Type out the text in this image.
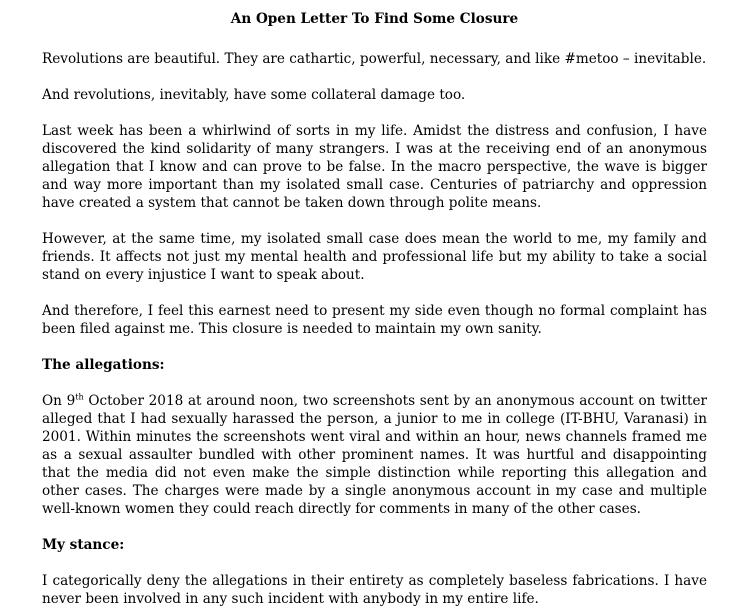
An Open Letter To Find Some Closure

Revolutions are beautiful. They are cathartic, powerful, necessary, and like #metoo – inevitable.

And revolutions, inevitably, have some collateral damage too.

Last week has been a whirlwind of sorts in my life. Amidst the distress and confusion, I have discovered the kind solidarity of many strangers. I was at the receiving end of an anonymous allegation that I know and can prove to be false. In the macro perspective, the wave is bigger and way more important than my isolated small case. Centuries of patriarchy and oppression have created a system that cannot be taken down through polite means.

However, at the same time, my isolated small case does mean the world to me, my family and friends. It affects not just my mental health and professional life but my ability to take a social stand on every injustice I want to speak about.

And therefore, I feel this earnest need to present my side even though no formal complaint has been filed against me. This closure is needed to maintain my own sanity.

The allegations:

On 9th October 2018 at around noon, two screenshots sent by an anonymous account on twitter alleged that I had sexually harassed the person, a junior to me in college (IT-BHU, Varanasi) in 2001. Within minutes the screenshots went viral and within an hour, news channels framed me as a sexual assaulter bundled with other prominent names. It was hurtful and disappointing that the media did not even make the simple distinction while reporting this allegation and other cases. The charges were made by a single anonymous account in my case and multiple well-known women they could reach directly for comments in many of the other cases.

My stance:

I categorically deny the allegations in their entirety as completely baseless fabrications. I have never been involved in any such incident with anybody in my entire life.
